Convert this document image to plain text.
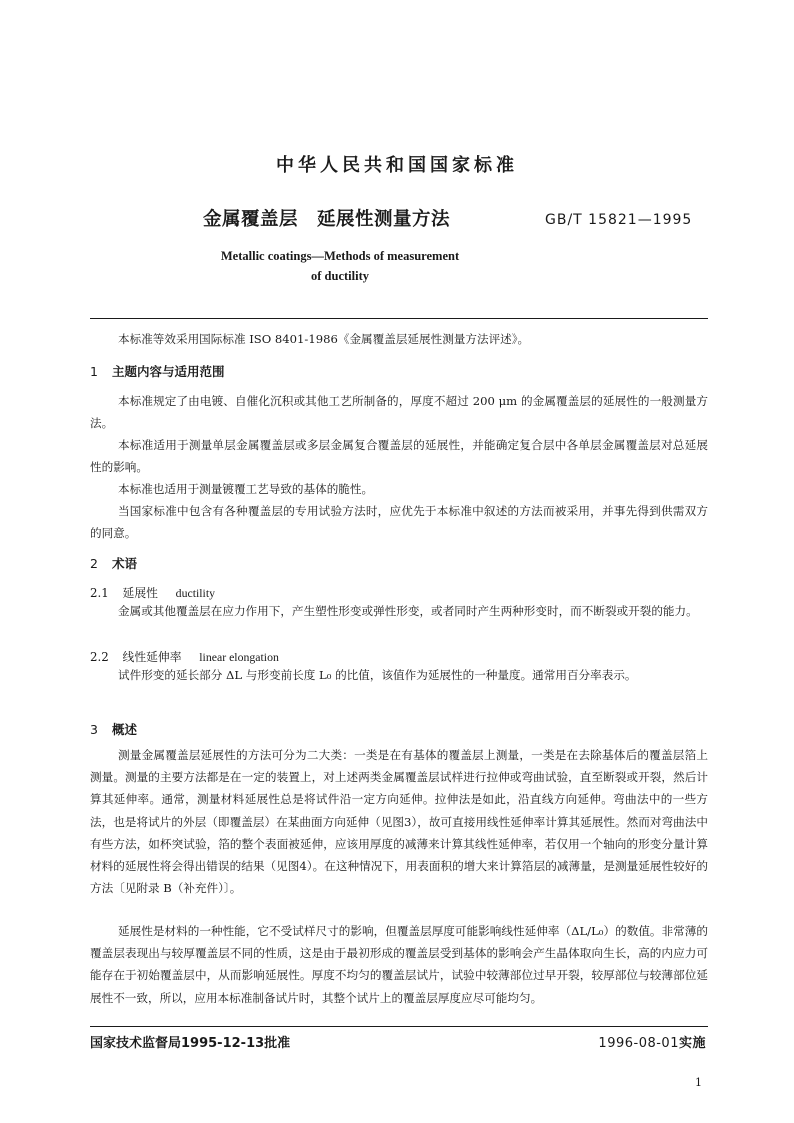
中华人民共和国国家标准
金属覆盖层　延展性测量方法	GB/T 15821—1995
Metallic coatings—Methods of measurement
of ductility

本标准等效采用国际标准 ISO 8401-1986《金属覆盖层延展性测量方法评述》。

1 主题内容与适用范围

本标准规定了由电镀、自催化沉积或其他工艺所制备的，厚度不超过 200 μm 的金属覆盖层的延展性的一般测量方法。

本标准适用于测量单层金属覆盖层或多层金属复合覆盖层的延展性，并能确定复合层中各单层金属覆盖层对总延展性的影响。

本标准也适用于测量镀覆工艺导致的基体的脆性。

当国家标准中包含有各种覆盖层的专用试验方法时，应优先于本标准中叙述的方法而被采用，并事先得到供需双方的同意。

2 术语
2.1 延展性 ductility

金属或其他覆盖层在应力作用下，产生塑性形变或弹性形变，或者同时产生两种形变时，而不断裂或开裂的能力。

2.2 线性延伸率 linear elongation

试件形变的延长部分 ΔL 与形变前长度 L₀ 的比值，该值作为延展性的一种量度。通常用百分率表示。

3 概述

测量金属覆盖层延展性的方法可分为二大类：一类是在有基体的覆盖层上测量，一类是在去除基体后的覆盖层箔上测量。测量的主要方法都是在一定的装置上，对上述两类金属覆盖层试样进行拉伸或弯曲试验，直至断裂或开裂，然后计算其延伸率。通常，测量材料延展性总是将试件沿一定方向延伸。拉伸法是如此，沿直线方向延伸。弯曲法中的一些方法，也是将试片的外层（即覆盖层）在某曲面方向延伸（见图3），故可直接用线性延伸率计算其延展性。然而对弯曲法中有些方法，如杯突试验，箔的整个表面被延伸，应该用厚度的减薄来计算其线性延伸率，若仅用一个轴向的形变分量计算材料的延展性将会得出错误的结果（见图4）。在这种情况下，用表面积的增大来计算箔层的减薄量，是测量延展性较好的方法〔见附录 B（补充件）〕。

延展性是材料的一种性能，它不受试样尺寸的影响，但覆盖层厚度可能影响线性延伸率（ΔL/L₀）的数值。非常薄的覆盖层表现出与较厚覆盖层不同的性质，这是由于最初形成的覆盖层受到基体的影响会产生晶体取向生长，高的内应力可能存在于初始覆盖层中，从而影响延展性。厚度不均匀的覆盖层试片，试验中较薄部位过早开裂，较厚部位与较薄部位延展性不一致，所以，应用本标准制备试片时，其整个试片上的覆盖层厚度应尽可能均匀。

国家技术监督局1995-12-13批准	1996-08-01实施
1
